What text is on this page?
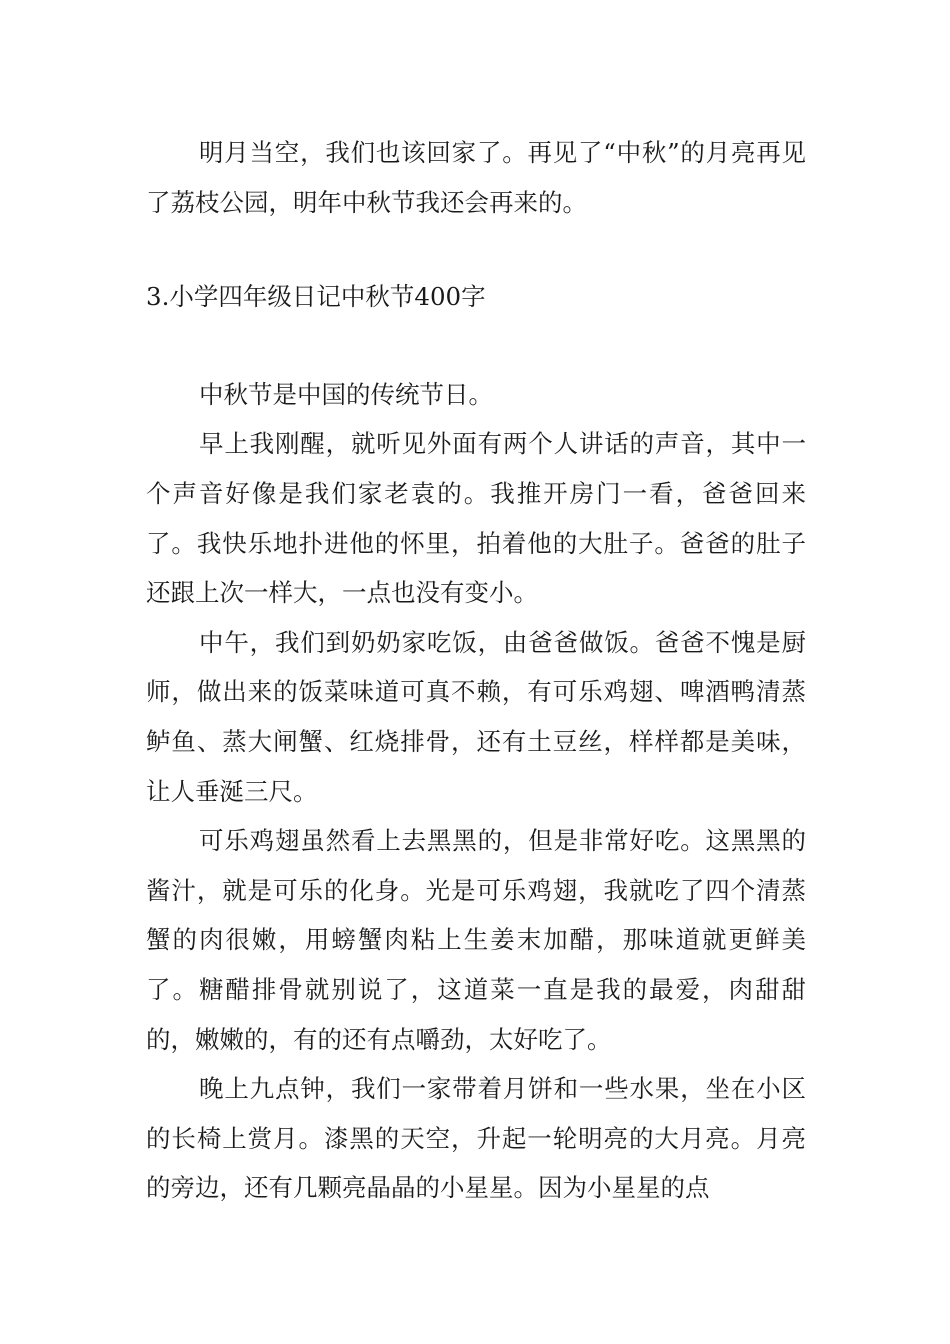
明月当空，我们也该回家了。再见了“中秋”的月亮再见了荔枝公园，明年中秋节我还会再来的。

3.小学四年级日记中秋节400字

中秋节是中国的传统节日。

早上我刚醒，就听见外面有两个人讲话的声音，其中一个声音好像是我们家老袁的。我推开房门一看，爸爸回来了。我快乐地扑进他的怀里，拍着他的大肚子。爸爸的肚子还跟上次一样大，一点也没有变小。

中午，我们到奶奶家吃饭，由爸爸做饭。爸爸不愧是厨师，做出来的饭菜味道可真不赖，有可乐鸡翅、啤酒鸭清蒸鲈鱼、蒸大闸蟹、红烧排骨，还有土豆丝，样样都是美味，让人垂涎三尺。

可乐鸡翅虽然看上去黑黑的，但是非常好吃。这黑黑的酱汁，就是可乐的化身。光是可乐鸡翅，我就吃了四个清蒸蟹的肉很嫩，用螃蟹肉粘上生姜末加醋，那味道就更鲜美了。糖醋排骨就别说了，这道菜一直是我的最爱，肉甜甜的，嫩嫩的，有的还有点嚼劲，太好吃了。

晚上九点钟，我们一家带着月饼和一些水果，坐在小区的长椅上赏月。漆黑的天空，升起一轮明亮的大月亮。月亮的旁边，还有几颗亮晶晶的小星星。因为小星星的点
